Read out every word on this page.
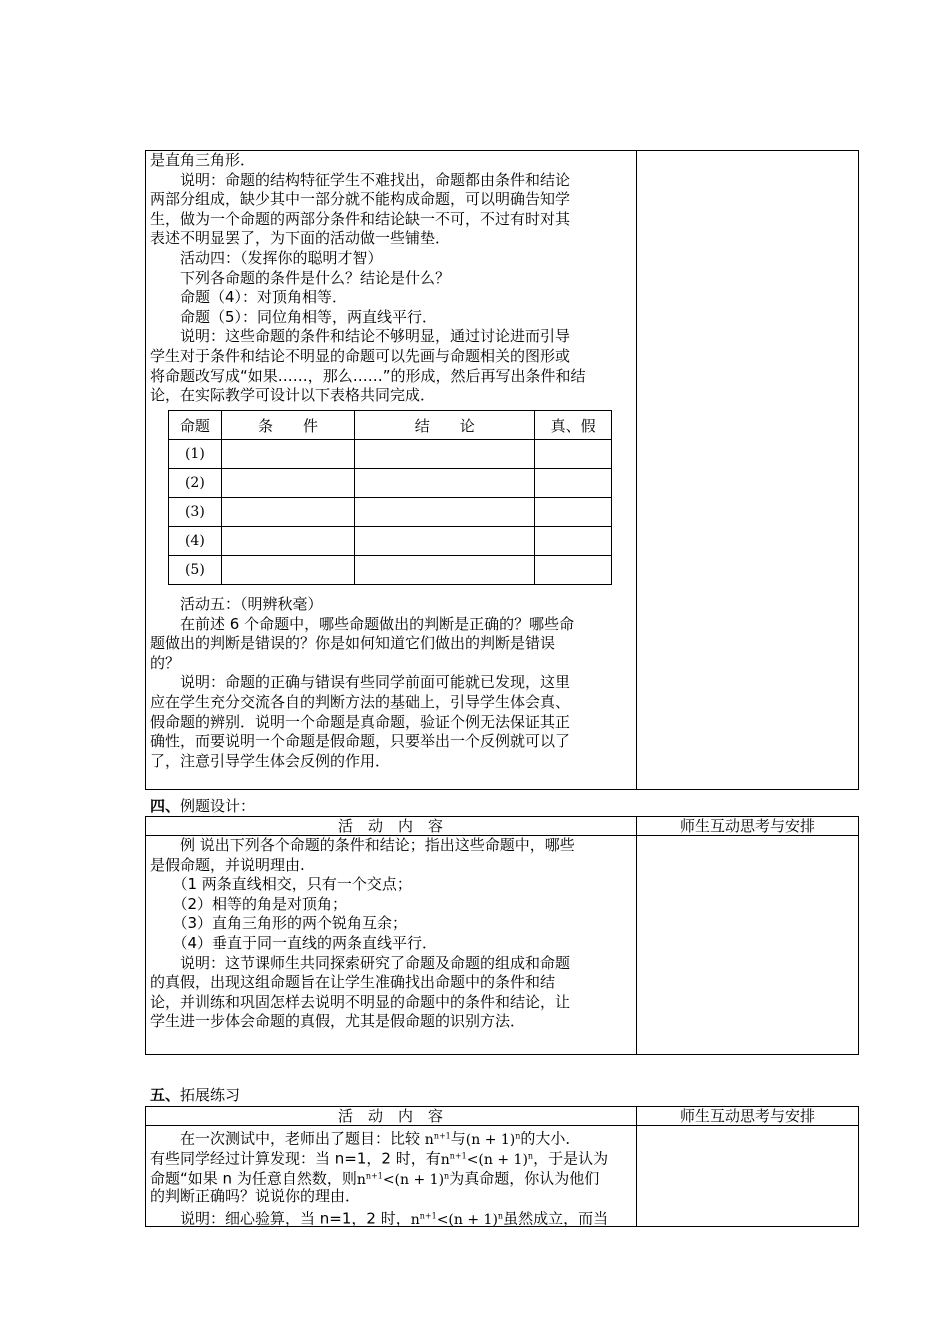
是直角三角形．
　　说明：命题的结构特征学生不难找出，命题都由条件和结论
两部分组成，缺少其中一部分就不能构成命题，可以明确告知学
生，做为一个命题的两部分条件和结论缺一不可，不过有时对其
表述不明显罢了，为下面的活动做一些铺垫．
　　活动四：（发挥你的聪明才智）
　　下列各命题的条件是什么？结论是什么？
　　命题（4）：对顶角相等．
　　命题（5）：同位角相等，两直线平行．
　　说明：这些命题的条件和结论不够明显，通过讨论进而引导
学生对于条件和结论不明显的命题可以先画与命题相关的图形或
将命题改写成“如果……，那么……”的形成，然后再写出条件和结
论，在实际教学可设计以下表格共同完成．
命题	条　　件	结　　论	真、假
(1)			
(2)			
(3)			
(4)			
(5)			
　　活动五：（明辨秋毫）
　　在前述 6 个命题中，哪些命题做出的判断是正确的？哪些命
题做出的判断是错误的？你是如何知道它们做出的判断是错误
的？
　　说明：命题的正确与错误有些同学前面可能就已发现，这里
应在学生充分交流各自的判断方法的基础上，引导学生体会真、
假命题的辨别．说明一个命题是真命题，验证个例无法保证其正
确性，而要说明一个命题是假命题，只要举出一个反例就可以了
了，注意引导学生体会反例的作用．
四、例题设计：
活　动　内　容	师生互动思考与安排
　　例 说出下列各个命题的条件和结论；指出这些命题中，哪些
是假命题，并说明理由.
　　（1 两条直线相交，只有一个交点；
　　（2）相等的角是对顶角；
　　（3）直角三角形的两个锐角互余；
　　（4）垂直于同一直线的两条直线平行．
　　说明：这节课师生共同探索研究了命题及命题的组成和命题
的真假，出现这组命题旨在让学生准确找出命题中的条件和结
论，并训练和巩固怎样去说明不明显的命题中的条件和结论，让
学生进一步体会命题的真假，尤其是假命题的识别方法．
五、拓展练习
活　动　内　容	师生互动思考与安排
　　在一次测试中，老师出了题目：比较 $n^{n+1}$与$(n + 1)^n$的大小．
有些同学经过计算发现：当 n=1，2 时，有$n^{n+1}<(n + 1)^n$，于是认为
命题“如果 n 为任意自然数，则$n^{n+1}<(n + 1)^n$为真命题，你认为他们
的判断正确吗？说说你的理由．
　　说明：细心验算，当 n=1，2 时，$n^{n+1}<(n + 1)^n$虽然成立，而当
